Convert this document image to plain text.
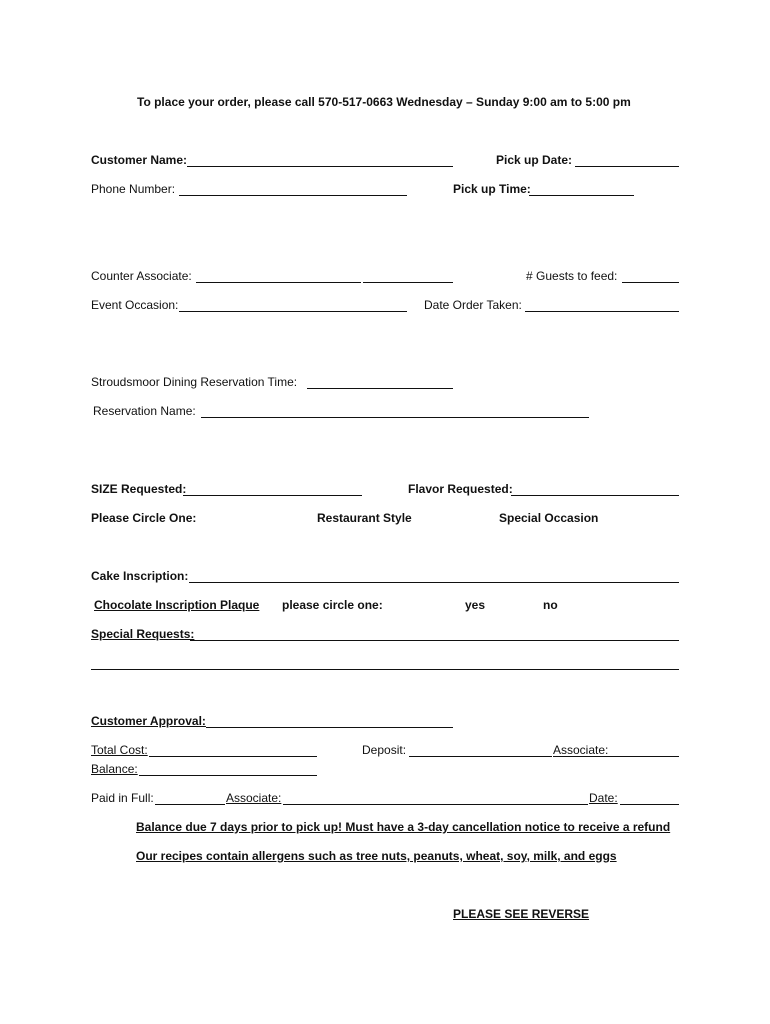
To place your order, please call 570-517-0663 Wednesday – Sunday 9:00 am to 5:00 pm
Customer Name:	Pick up Date:
Phone Number:	Pick up Time:
Counter Associate:	# Guests to feed:
Event Occasion:	Date Order Taken:
Stroudsmoor Dining Reservation Time:
Reservation Name:
SIZE Requested:	Flavor Requested:
Please Circle One:	Restaurant Style	Special Occasion
Cake Inscription:
Chocolate Inscription Plaque please circle one:	yes	no
Special Requests:
Customer Approval:
Total Cost:	Deposit:	Associate:
Balance:
Paid in Full:	Associate:	Date:
Balance due 7 days prior to pick up! Must have a 3-day cancellation notice to receive a refund
Our recipes contain allergens such as tree nuts, peanuts, wheat, soy, milk, and eggs
PLEASE SEE REVERSE
